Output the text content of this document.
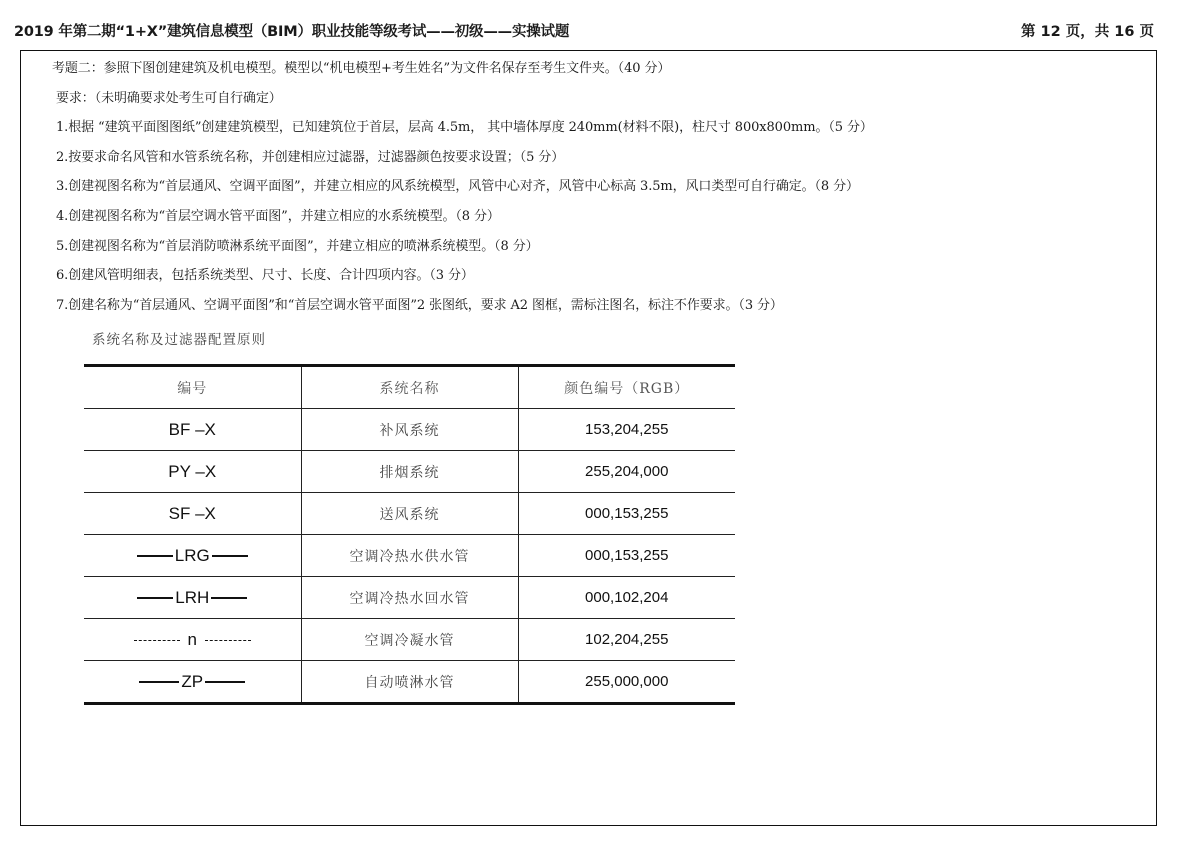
2019 年第二期“1+X”建筑信息模型（BIM）职业技能等级考试——初级——实操试题	第 12 页，共 16 页
考题二：参照下图创建建筑及机电模型。模型以“机电模型+考生姓名”为文件名保存至考生文件夹。（40 分）
要求：（未明确要求处考生可自行确定）
1.根据 “建筑平面图图纸”创建建筑模型，已知建筑位于首层，层高 4.5m， 其中墙体厚度 240mm(材料不限)，柱尺寸 800x800mm。（5 分）
2.按要求命名风管和水管系统名称，并创建相应过滤器，过滤器颜色按要求设置；（5 分）
3.创建视图名称为“首层通风、空调平面图”，并建立相应的风系统模型，风管中心对齐，风管中心标高 3.5m，风口类型可自行确定。（8 分）
4.创建视图名称为“首层空调水管平面图”，并建立相应的水系统模型。（8 分）
5.创建视图名称为“首层消防喷淋系统平面图”，并建立相应的喷淋系统模型。（8 分）
6.创建风管明细表，包括系统类型、尺寸、长度、合计四项内容。（3 分）
7.创建名称为“首层通风、空调平面图”和“首层空调水管平面图”2 张图纸，要求 A2 图框，需标注图名，标注不作要求。（3 分）
系统名称及过滤器配置原则
编号	系统名称	颜色编号（RGB）
BF –X	补风系统	153,204,255
PY –X	排烟系统	255,204,000
SF –X	送风系统	000,153,255
LRG	空调冷热水供水管	000,153,255
LRH	空调冷热水回水管	000,102,204
n	空调冷凝水管	102,204,255
ZP	自动喷淋水管	255,000,000
